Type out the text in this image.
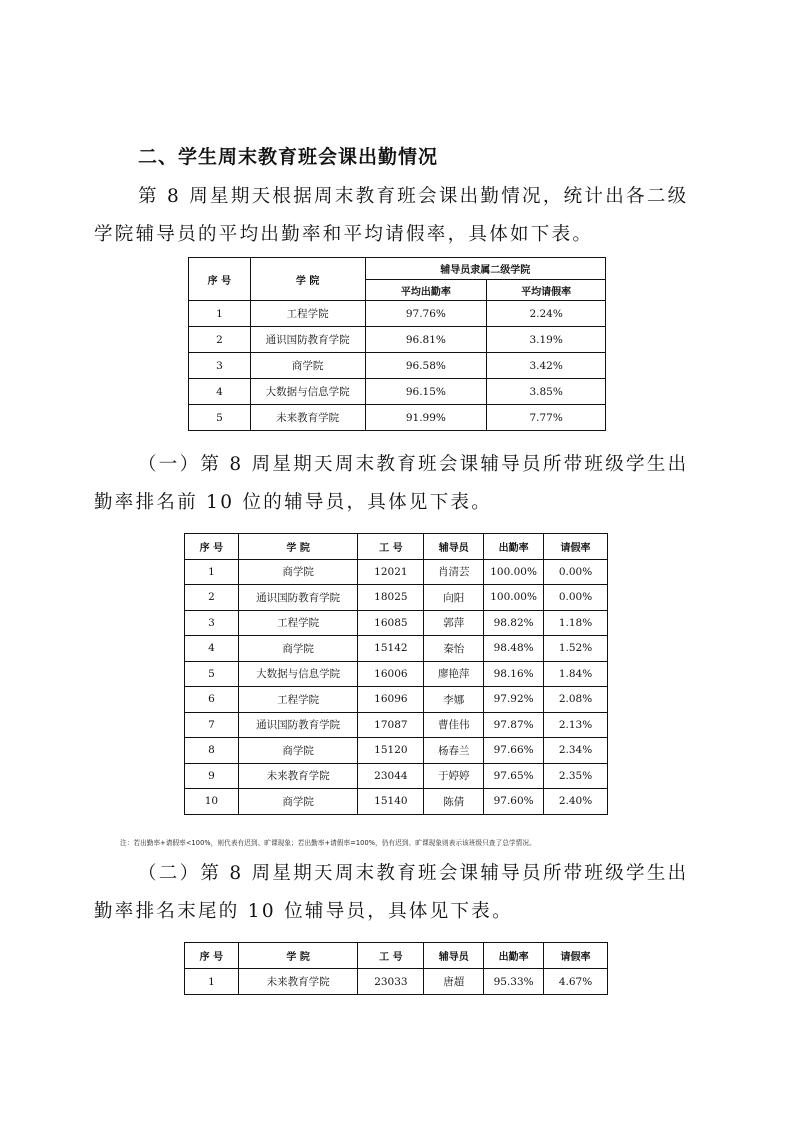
二、学生周末教育班会课出勤情况
第 8 周星期天根据周末教育班会课出勤情况，统计出各二级
学院辅导员的平均出勤率和平均请假率，具体如下表。
序 号	学 院	辅导员隶属二级学院	
		平均出勤率	平均请假率
1	工程学院	97.76%	2.24%
2	通识国防教育学院	96.81%	3.19%
3	商学院	96.58%	3.42%
4	大数据与信息学院	96.15%	3.85%
5	未来教育学院	91.99%	7.77%
（一）第 8 周星期天周末教育班会课辅导员所带班级学生出
勤率排名前 10 位的辅导员，具体见下表。
序 号	学 院	工 号	辅导员	出勤率	请假率
1	商学院	12021	肖清芸	100.00%	0.00%
2	通识国防教育学院	18025	向阳	100.00%	0.00%
3	工程学院	16085	郭萍	98.82%	1.18%
4	商学院	15142	秦怡	98.48%	1.52%
5	大数据与信息学院	16006	廖艳萍	98.16%	1.84%
6	工程学院	16096	李娜	97.92%	2.08%
7	通识国防教育学院	17087	曹佳伟	97.87%	2.13%
8	商学院	15120	杨春兰	97.66%	2.34%
9	未来教育学院	23044	于婷婷	97.65%	2.35%
10	商学院	15140	陈倩	97.60%	2.40%
注：若出勤率+请假率<100%，则代表有迟到、旷课现象；若出勤率+请假率=100%，仍有迟到、旷课现象则表示该班级只查了总学情况。
（二）第 8 周星期天周末教育班会课辅导员所带班级学生出
勤率排名末尾的 10 位辅导员，具体见下表。
序 号	学 院	工 号	辅导员	出勤率	请假率
1	未来教育学院	23033	唐超	95.33%	4.67%
